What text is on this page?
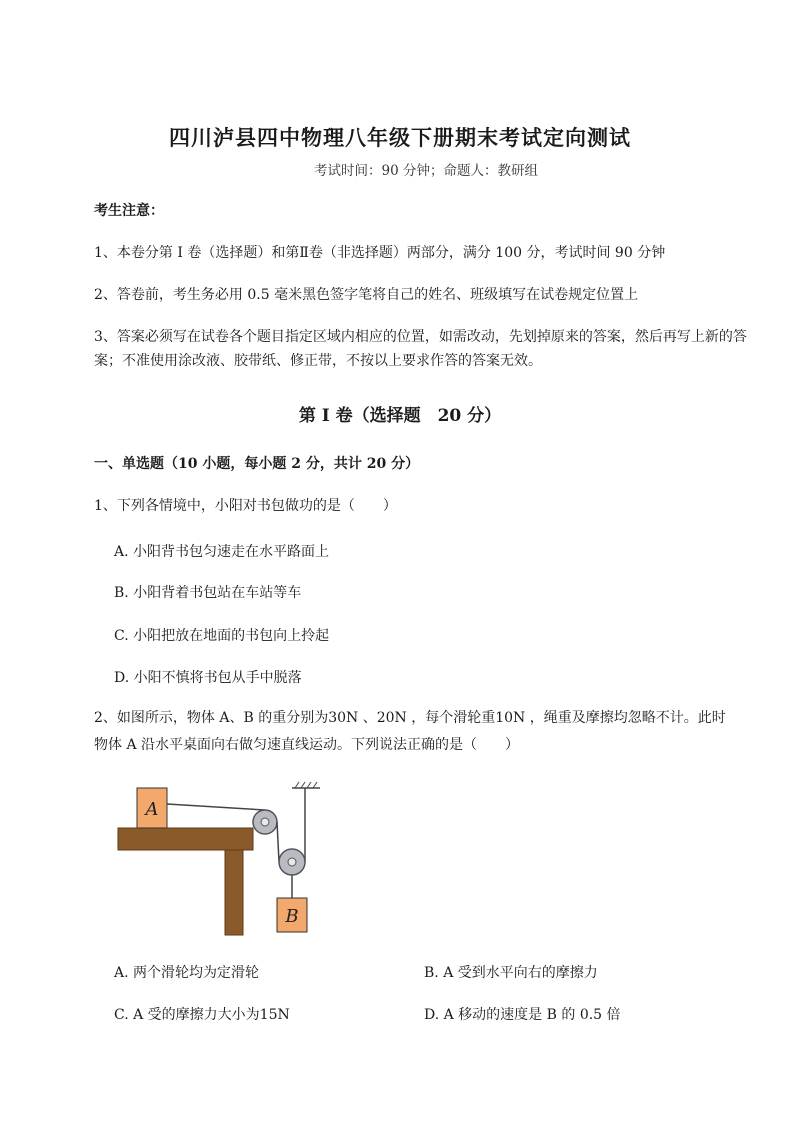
四川泸县四中物理八年级下册期末考试定向测试
考试时间：90 分钟；命题人：教研组
考生注意：
1、本卷分第 I 卷（选择题）和第Ⅱ卷（非选择题）两部分，满分 100 分，考试时间 90 分钟
2、答卷前，考生务必用 0.5 毫米黑色签字笔将自己的姓名、班级填写在试卷规定位置上
3、答案必须写在试卷各个题目指定区域内相应的位置，如需改动，先划掉原来的答案，然后再写上新的答案；不准使用涂改液、胶带纸、修正带，不按以上要求作答的答案无效。
第 I 卷（选择题　20 分）
一、单选题（10 小题，每小题 2 分，共计 20 分）
1、下列各情境中，小阳对书包做功的是（　　）
A. 小阳背书包匀速走在水平路面上
B. 小阳背着书包站在车站等车
C. 小阳把放在地面的书包向上拎起
D. 小阳不慎将书包从手中脱落
2、如图所示，物体 A、B 的重分别为30N 、20N ，每个滑轮重10N ，绳重及摩擦均忽略不计。此时
物体 A 沿水平桌面向右做匀速直线运动。下列说法正确的是（　　）
A
B
A. 两个滑轮均为定滑轮	B. A 受到水平向右的摩擦力
C. A 受的摩擦力大小为15N	D. A 移动的速度是 B 的 0.5 倍
